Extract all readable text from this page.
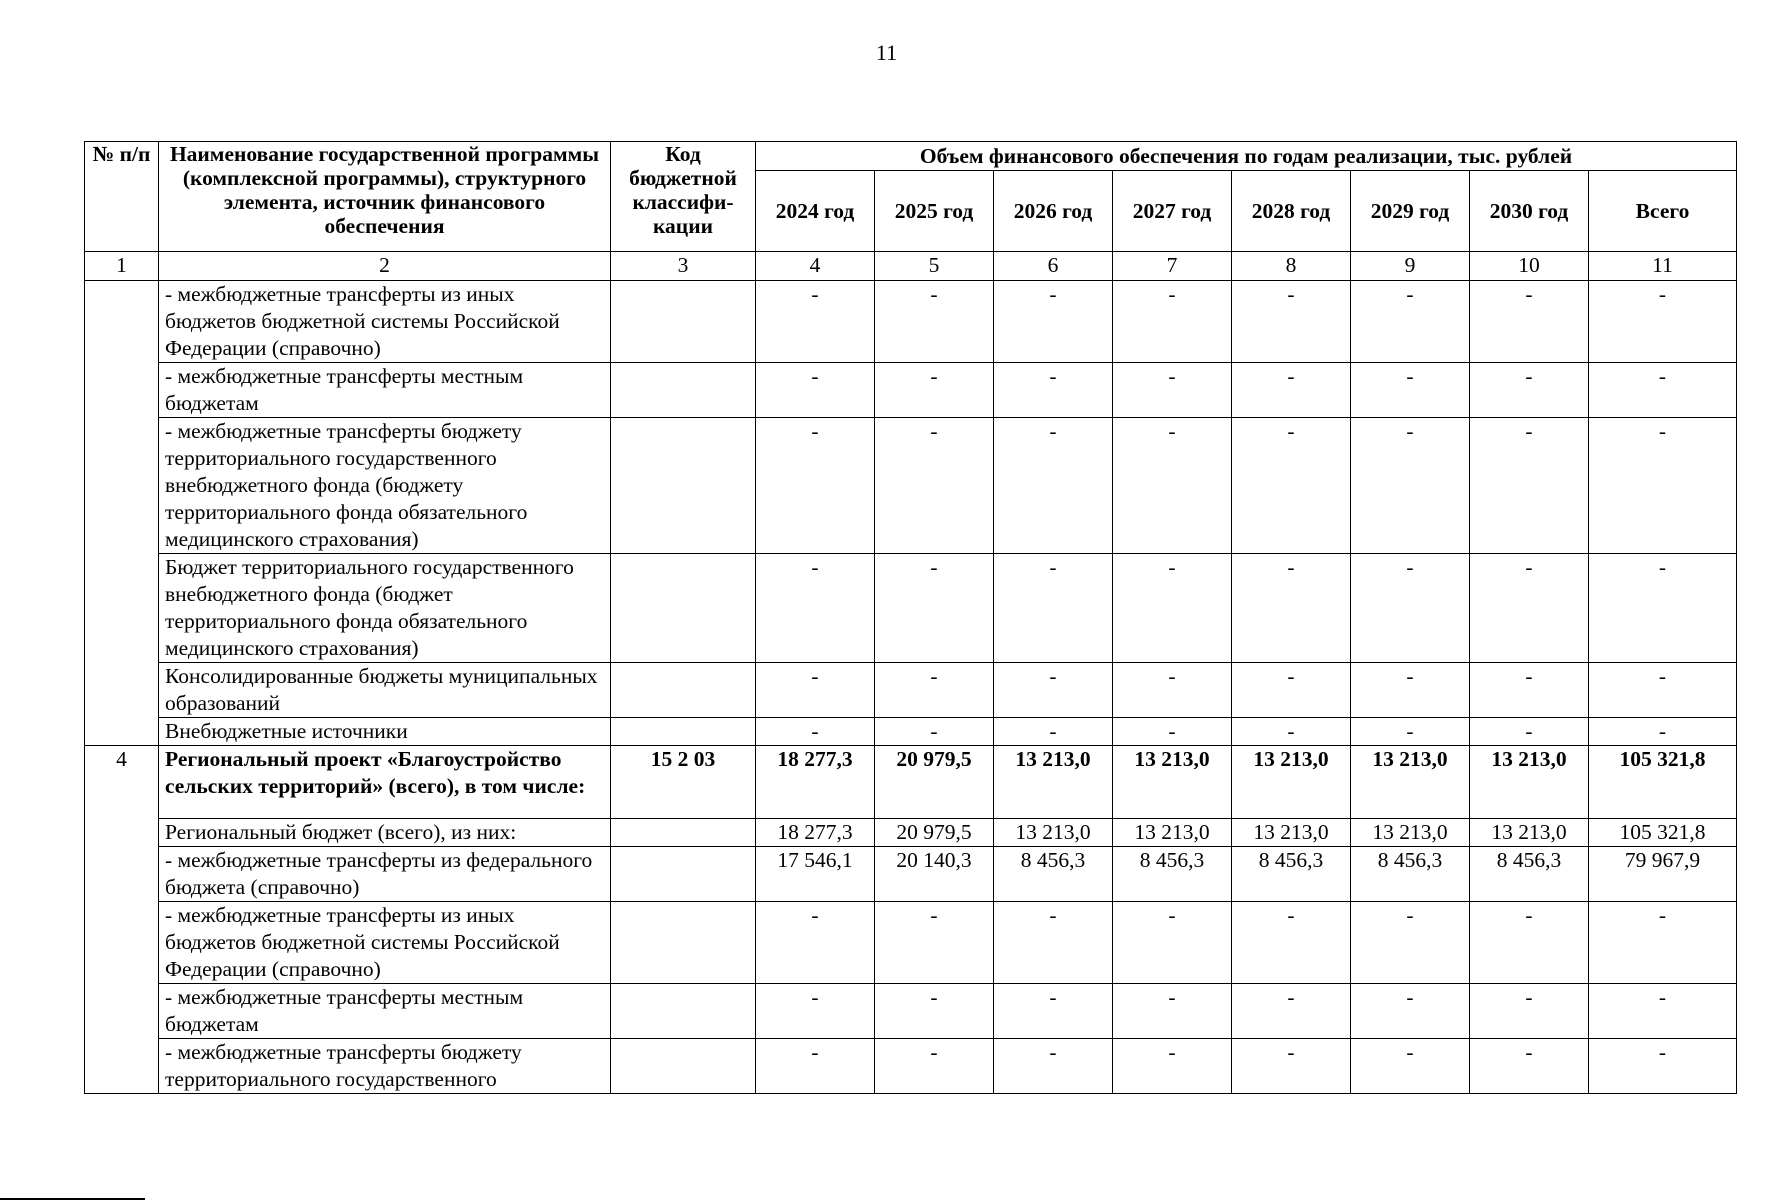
11
№ п/п	Наименование государственной программы (комплексной программы), структурного элемента, источник финансового обеспечения	Код бюджетной классифи-кации	Объем финансового обеспечения по годам реализации, тыс. рублей							
			2024 год	2025 год	2026 год	2027 год	2028 год	2029 год	2030 год	Всего
1	2	3	4	5	6	7	8	9	10	11
	- межбюджетные трансферты из иных бюджетов бюджетной системы Российской Федерации (справочно)		-	-	-	-	-	-	-	-
	- межбюджетные трансферты местным бюджетам		-	-	-	-	-	-	-	-
	- межбюджетные трансферты бюджету территориального государственного внебюджетного фонда (бюджету территориального фонда обязательного медицинского страхования)		-	-	-	-	-	-	-	-
	Бюджет территориального государственного внебюджетного фонда (бюджет территориального фонда обязательного медицинского страхования)		-	-	-	-	-	-	-	-
	Консолидированные бюджеты муниципальных образований		-	-	-	-	-	-	-	-
	Внебюджетные источники		-	-	-	-	-	-	-	-
4	Региональный проект «Благоустройство сельских территорий» (всего), в том числе:	15 2 03	18 277,3	20 979,5	13 213,0	13 213,0	13 213,0	13 213,0	13 213,0	105 321,8
	Региональный бюджет (всего), из них:		18 277,3	20 979,5	13 213,0	13 213,0	13 213,0	13 213,0	13 213,0	105 321,8
	- межбюджетные трансферты из федерального бюджета (справочно)		17 546,1	20 140,3	8 456,3	8 456,3	8 456,3	8 456,3	8 456,3	79 967,9
	- межбюджетные трансферты из иных бюджетов бюджетной системы Российской Федерации (справочно)		-	-	-	-	-	-	-	-
	- межбюджетные трансферты местным бюджетам		-	-	-	-	-	-	-	-
	- межбюджетные трансферты бюджету территориального государственного		-	-	-	-	-	-	-	-
